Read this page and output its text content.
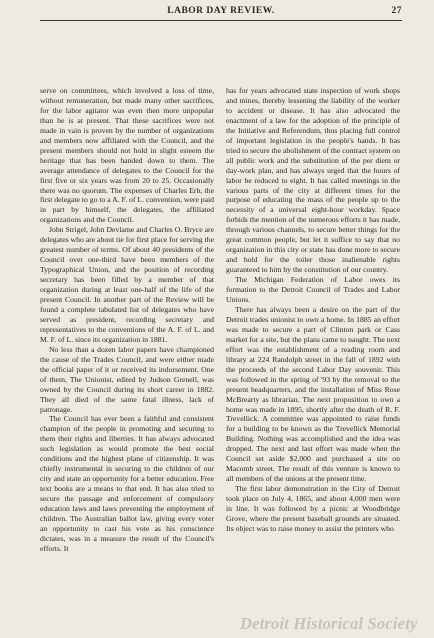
LABOR DAY REVIEW.	27

serve on committees, which involved a loss of time, without remuneration, but made many other sacrifices, for the labor agitator was even then more unpopular than he is at present. That these sacrifices were not made in vain is proven by the number of organizations and members now affiliated with the Council, and the present members should not hold in slight esteem the heritage that has been handed down to them. The average attendance of delegates to the Council for the first five or six years was from 20 to 25. Occasionally there was no quorum. The expenses of Charles Erb, the first delegate to go to a A. F. of L. convention, were paid in part by himself, the delegates, the affiliated organizations and the Council.

John Strigel, John Devlame and Charles O. Bryce are delegates who are about tie for first place for serving the greatest number of terms. Of about 40 presidents of the Council over one-third have been members of the Typographical Union, and the position of recording secretary has been filled by a member of that organization during at least one-half of the life of the present Council. In another part of the Review will be found a complete tabulated list of delegates who have served as president, recording secretary and representatives to the conventions of the A. F. of L. and M. F. of L. since its organization in 1881.

No less than a dozen labor papers have championed the cause of the Trades Council, and were either made the official paper of it or received its indorsement. One of them, The Unionist, edited by Judson Grenell, was owned by the Council during its short career in 1882. They all died of the same fatal illness, lack of patronage.

The Council has ever been a faithful and consistent champion of the people in promoting and securing to them their rights and liberties. It has always advocated such legislation as would promote the best social conditions and the highest plane of citizenship. It was chiefly instrumental in securing to the children of our city and state an opportunity for a better education. Free text books are a means to that end. It has also tried to secure the passage and enforcement of compulsory education laws and laws preventing the employment of children. The Australian ballot law, giving every voter an opportunity to cast his vote as his conscience dictates, was in a measure the result of the Council's efforts. It

has for years advocated state inspection of work shops and mines, thereby lessening the liability of the worker to accident or disease. It has also advocated the enactment of a law for the adoption of the principle of the Initiative and Referendum, thus placing full control of important legislation in the people's hands. It has tried to secure the abolishment of the contract system on all public work and the substitution of the per diem or day-work plan, and has always urged that the hours of labor be reduced to eight. It has called meetings in the various parts of the city at different times for the purpose of educating the mass of the people up to the necessity of a universal eight-hour workday. Space forbids the mention of the numerous efforts it has made, through various channels, to secure better things for the great common people, but let it suffice to say that no organization in this city or state has done more to secure and hold for the toiler those inalienable rights guaranteed to him by the constitution of our country.

The Michigan Federation of Labor owes its formation to the Detroit Council of Trades and Labor Unions.

There has always been a desire on the part of the Detroit trades unionist to own a home. In 1885 an effort was made to secure a part of Clinton park or Cass market for a site, but the plans came to naught. The next effort was the establishment of a reading room and library at 224 Randolph street in the fall of 1892 with the proceeds of the second Labor Day souvenir. This was followed in the spring of '93 by the removal to the present headquarters, and the installation of Miss Rose McBrearty as librarian. The next proposition to own a home was made in 1895, shortly after the death of R. F. Trevellick. A committee was appointed to raise funds for a building to be known as the Trevellick Memorial Building. Nothing was accomplished and the idea was dropped. The next and last effort was made when the Council set aside $2,000 and purchased a site on Macomb street. The result of this venture is known to all members of the unions at the present time.

The first labor demonstration in the City of Detroit took place on July 4, 1865, and about 4,000 men were in line. It was followed by a picnic at Woodbridge Grove, where the present baseball grounds are situated. Its object was to raise money to assist the printers who

Detroit Historical Society
